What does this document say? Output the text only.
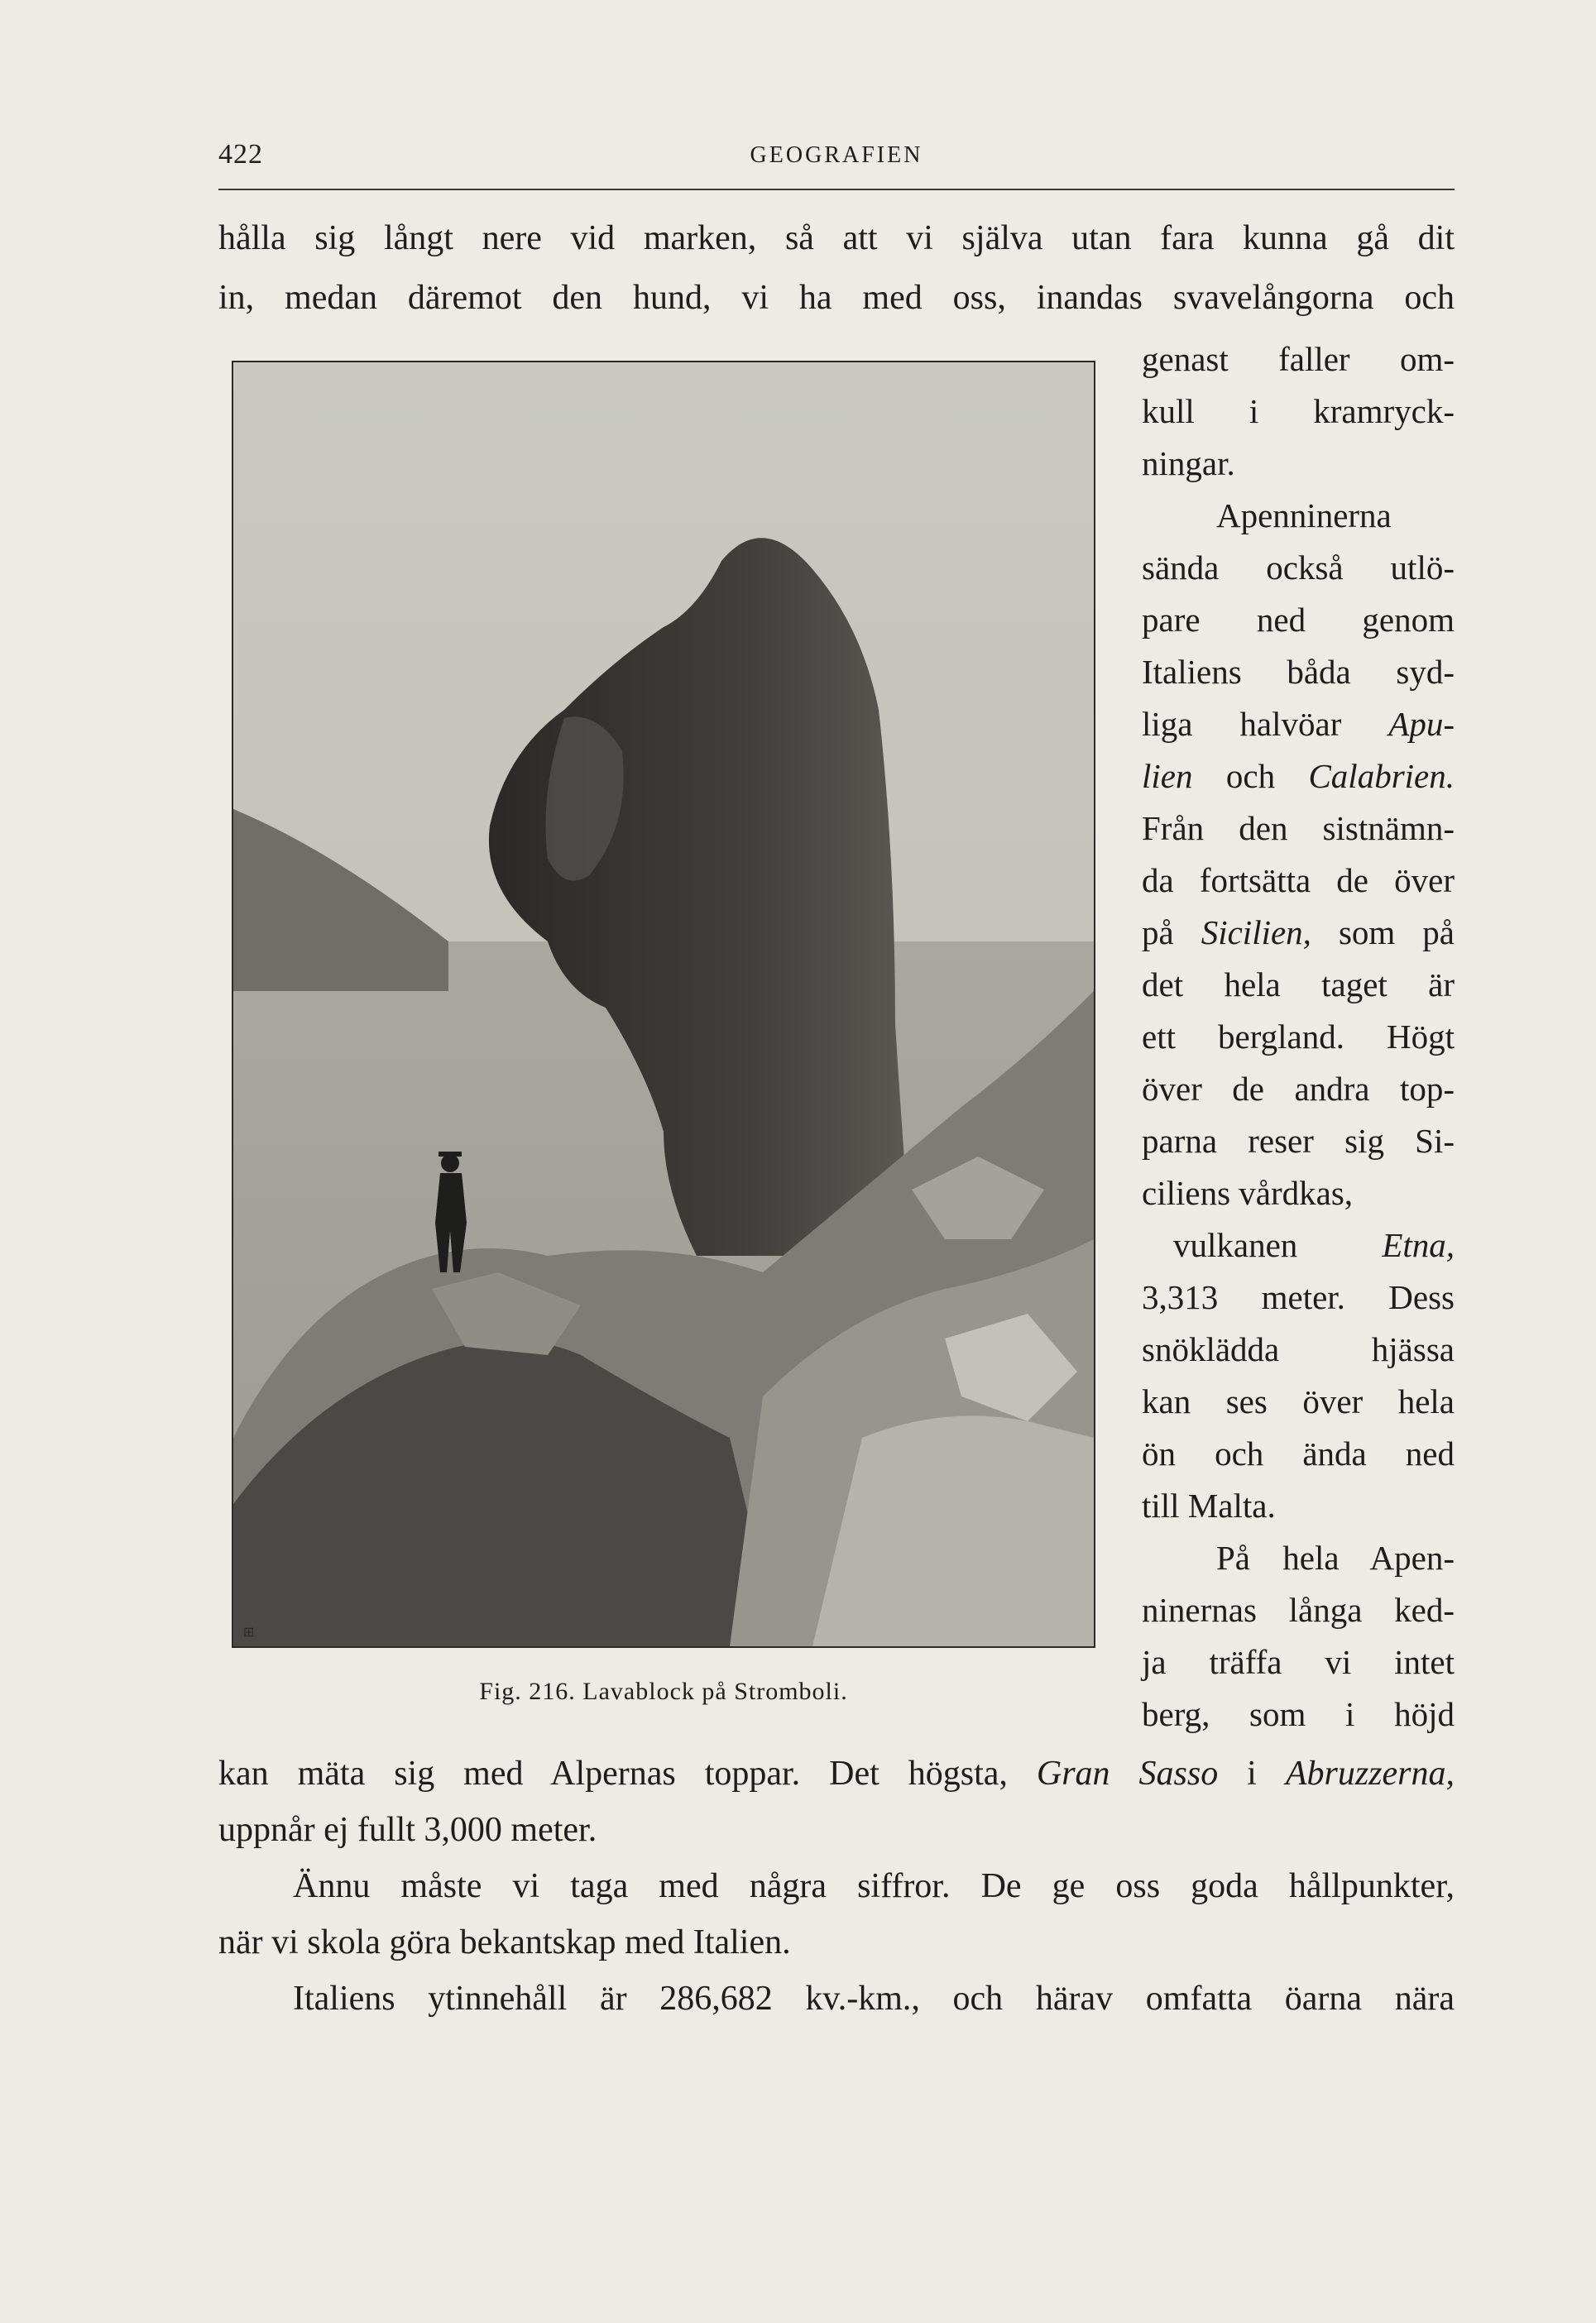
422	GEOGRAFIEN
hålla sig långt nere vid marken, så att vi själva utan fara kunna gå dit
in, medan däremot den hund, vi ha med oss, inandas svavelångorna och
genast faller om-
kull i kramryck-
ningar.
Apenninerna
sända också utlö-
pare ned genom
Italiens båda syd-
liga halvöar Apu-
lien och Calabrien.
Från den sistnämn-
da fortsätta de över
på Sicilien, som på
det hela taget är
ett bergland. Högt
över de andra top-
parna reser sig Si-
ciliens vårdkas,
vulkanen Etna,
3,313 meter. Dess
snöklädda hjässa
kan ses över hela
ön och ända ned
till Malta.
På hela Apen-
ninernas långa ked-
ja träffa vi intet
berg, som i höjd
⊞
Fig. 216. Lavablock på Stromboli.
kan mäta sig med Alpernas toppar. Det högsta, Gran Sasso i Abruzzerna,
uppnår ej fullt 3,000 meter.
Ännu måste vi taga med några siffror. De ge oss goda hållpunkter,
när vi skola göra bekantskap med Italien.
Italiens ytinnehåll är 286,682 kv.-km., och härav omfatta öarna nära
